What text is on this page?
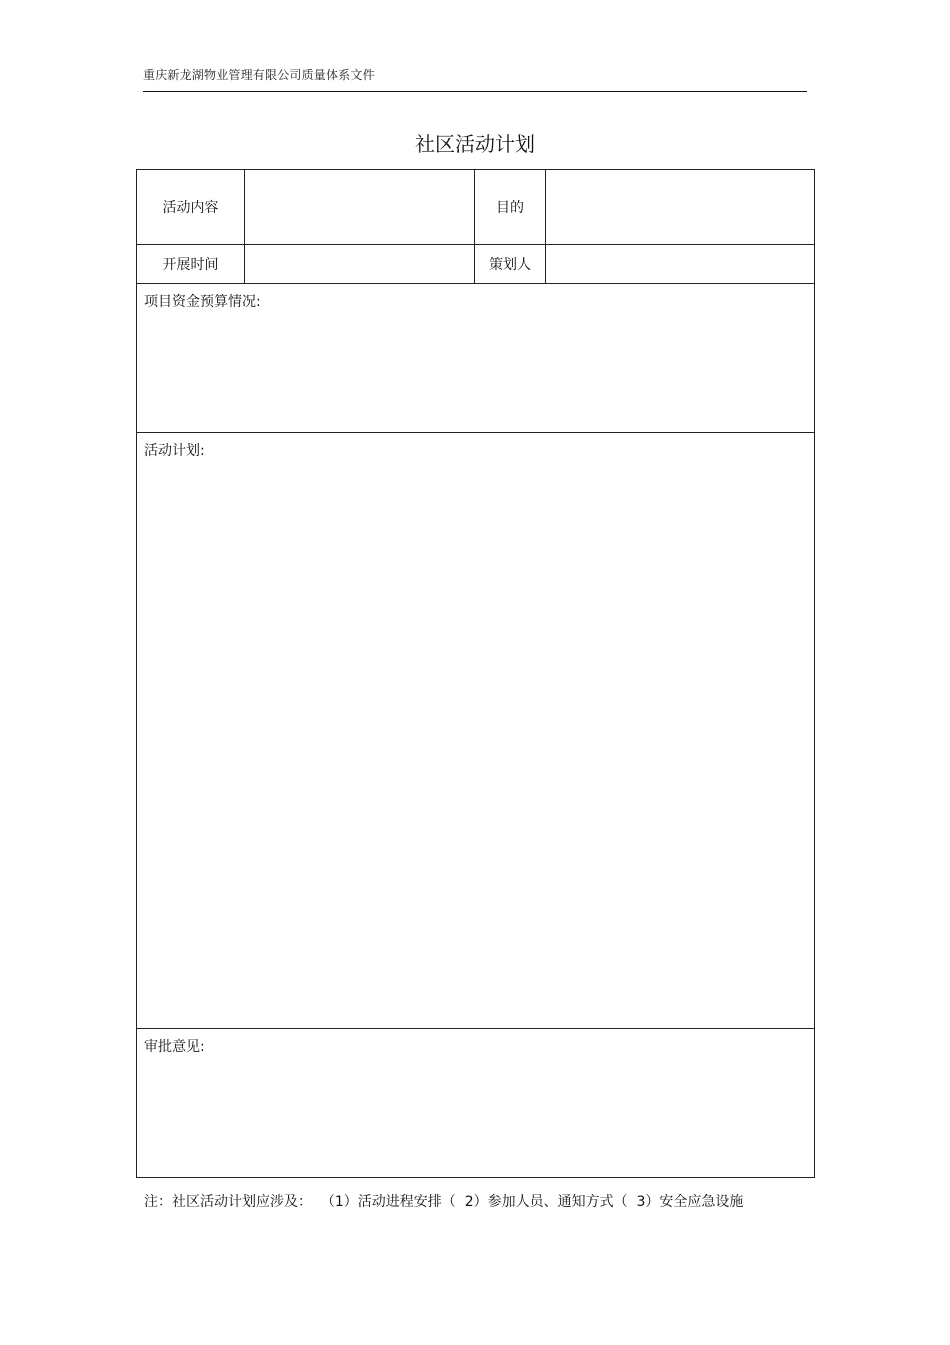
重庆新龙湖物业管理有限公司质量体系文件
社区活动计划
活动内容		目的	
开展时间		策划人	

项目资金预算情况:			

活动计划:			

审批意见:			
注：社区活动计划应涉及：  （1）活动进程安排（  2）参加人员、通知方式（  3）安全应急设施
